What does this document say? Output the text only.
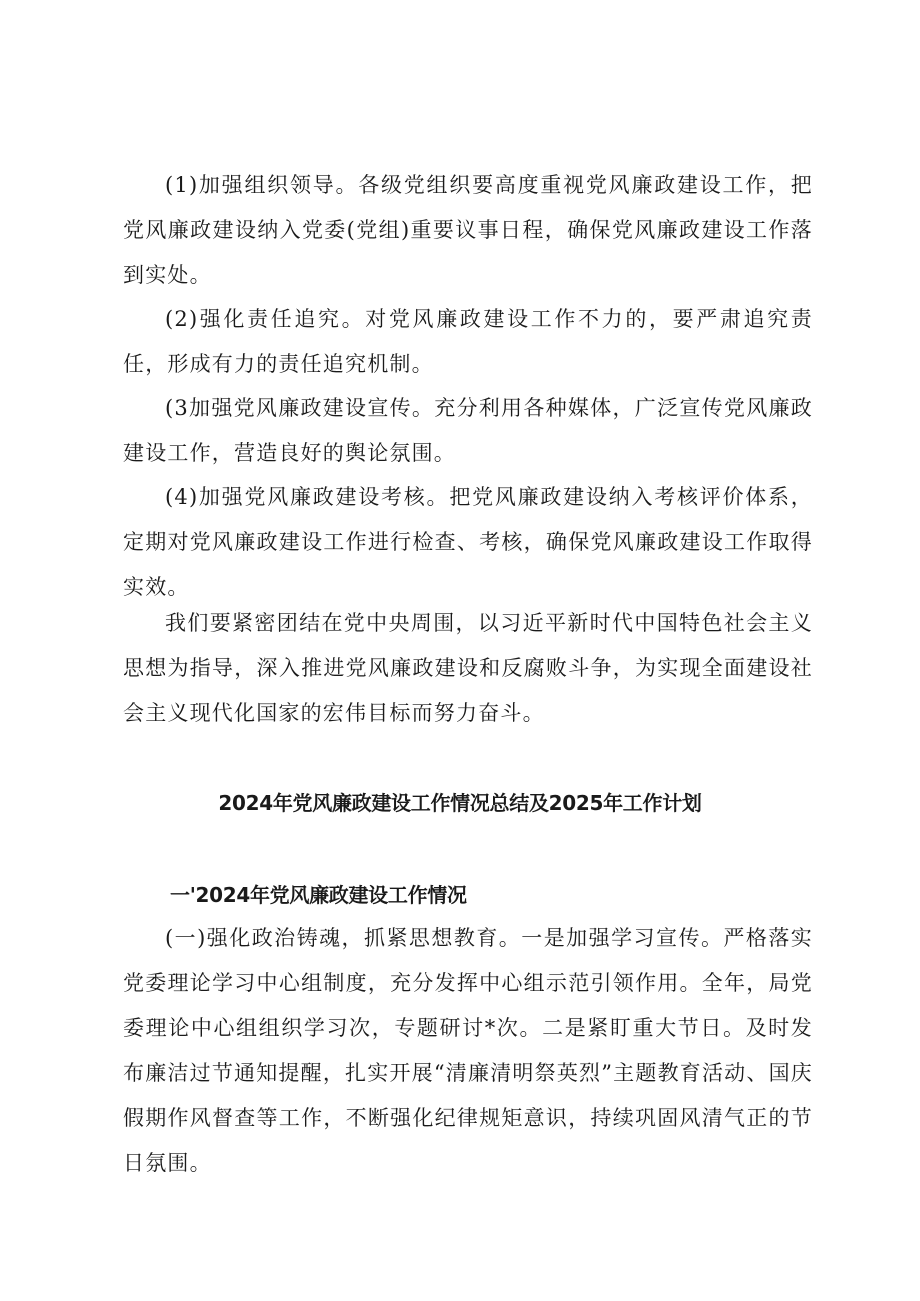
(1)加强组织领导。各级党组织要高度重视党风廉政建设工作，把党风廉政建设纳入党委(党组)重要议事日程，确保党风廉政建设工作落到实处。

(2)强化责任追究。对党风廉政建设工作不力的，要严肃追究责任，形成有力的责任追究机制。

(3加强党风廉政建设宣传。充分利用各种媒体，广泛宣传党风廉政建设工作，营造良好的舆论氛围。

(4)加强党风廉政建设考核。把党风廉政建设纳入考核评价体系，定期对党风廉政建设工作进行检查、考核，确保党风廉政建设工作取得实效。

我们要紧密团结在党中央周围，以习近平新时代中国特色社会主义思想为指导，深入推进党风廉政建设和反腐败斗争，为实现全面建设社会主义现代化国家的宏伟目标而努力奋斗。

2024年党风廉政建设工作情况总结及2025年工作计划
一'2024年党风廉政建设工作情况

(一)强化政治铸魂，抓紧思想教育。一是加强学习宣传。严格落实党委理论学习中心组制度，充分发挥中心组示范引领作用。全年，局党委理论中心组组织学习次，专题研讨*次。二是紧盯重大节日。及时发布廉洁过节通知提醒，扎实开展“清廉清明祭英烈”主题教育活动、国庆假期作风督查等工作，不断强化纪律规矩意识，持续巩固风清气正的节日氛围。
